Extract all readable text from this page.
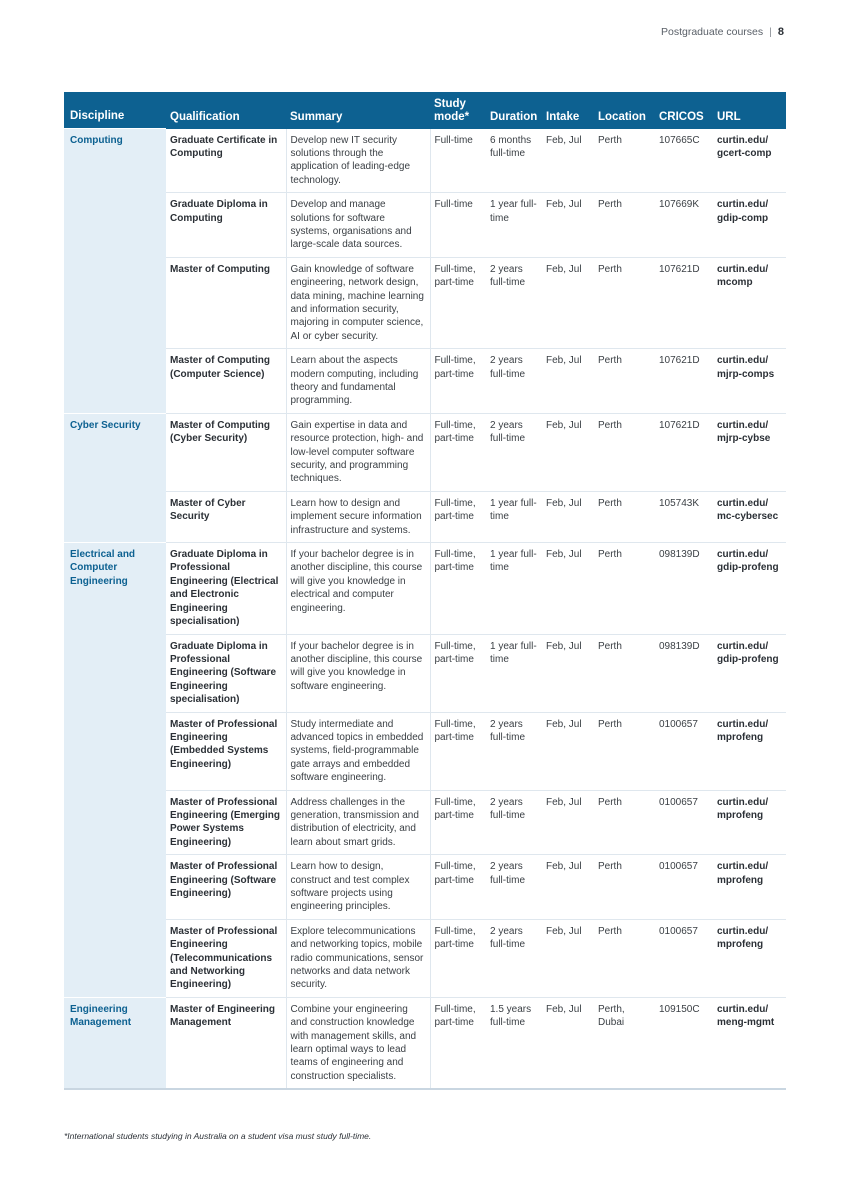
Postgraduate courses | 8
Discipline	Qualification	Summary	Study mode*	Duration	Intake	Location	CRICOS	URL
Computing	Graduate Certificate in Computing	Develop new IT security solutions through the application of leading-edge technology.	Full-time	6 months full-time	Feb, Jul	Perth	107665C	curtin.edu/ gcert-comp
	Graduate Diploma in Computing	Develop and manage solutions for software systems, organisations and large-scale data sources.	Full-time	1 year full-time	Feb, Jul	Perth	107669K	curtin.edu/ gdip-comp
	Master of Computing	Gain knowledge of software engineering, network design, data mining, machine learning and information security, majoring in computer science, AI or cyber security.	Full-time, part-time	2 years full-time	Feb, Jul	Perth	107621D	curtin.edu/ mcomp
	Master of Computing (Computer Science)	Learn about the aspects modern computing, including theory and fundamental programming.	Full-time, part-time	2 years full-time	Feb, Jul	Perth	107621D	curtin.edu/ mjrp-comps
Cyber Security	Master of Computing (Cyber Security)	Gain expertise in data and resource protection, high- and low-level computer software security, and programming techniques.	Full-time, part-time	2 years full-time	Feb, Jul	Perth	107621D	curtin.edu/ mjrp-cybse
	Master of Cyber Security	Learn how to design and implement secure information infrastructure and systems.	Full-time, part-time	1 year full-time	Feb, Jul	Perth	105743K	curtin.edu/ mc-cybersec
Electrical and Computer Engineering	Graduate Diploma in Professional Engineering (Electrical and Electronic Engineering specialisation)	If your bachelor degree is in another discipline, this course will give you knowledge in electrical and computer engineering.	Full-time, part-time	1 year full-time	Feb, Jul	Perth	098139D	curtin.edu/ gdip-profeng
	Graduate Diploma in Professional Engineering (Software Engineering specialisation)	If your bachelor degree is in another discipline, this course will give you knowledge in software engineering.	Full-time, part-time	1 year full-time	Feb, Jul	Perth	098139D	curtin.edu/ gdip-profeng
	Master of Professional Engineering (Embedded Systems Engineering)	Study intermediate and advanced topics in embedded systems, field-programmable gate arrays and embedded software engineering.	Full-time, part-time	2 years full-time	Feb, Jul	Perth	0100657	curtin.edu/ mprofeng
	Master of Professional Engineering (Emerging Power Systems Engineering)	Address challenges in the generation, transmission and distribution of electricity, and learn about smart grids.	Full-time, part-time	2 years full-time	Feb, Jul	Perth	0100657	curtin.edu/ mprofeng
	Master of Professional Engineering (Software Engineering)	Learn how to design, construct and test complex software projects using engineering principles.	Full-time, part-time	2 years full-time	Feb, Jul	Perth	0100657	curtin.edu/ mprofeng
	Master of Professional Engineering (Telecommunications and Networking Engineering)	Explore telecommunications and networking topics, mobile radio communications, sensor networks and data network security.	Full-time, part-time	2 years full-time	Feb, Jul	Perth	0100657	curtin.edu/ mprofeng
Engineering Management	Master of Engineering Management	Combine your engineering and construction knowledge with management skills, and learn optimal ways to lead teams of engineering and construction specialists.	Full-time, part-time	1.5 years full-time	Feb, Jul	Perth, Dubai	109150C	curtin.edu/ meng-mgmt
*International students studying in Australia on a student visa must study full-time.
